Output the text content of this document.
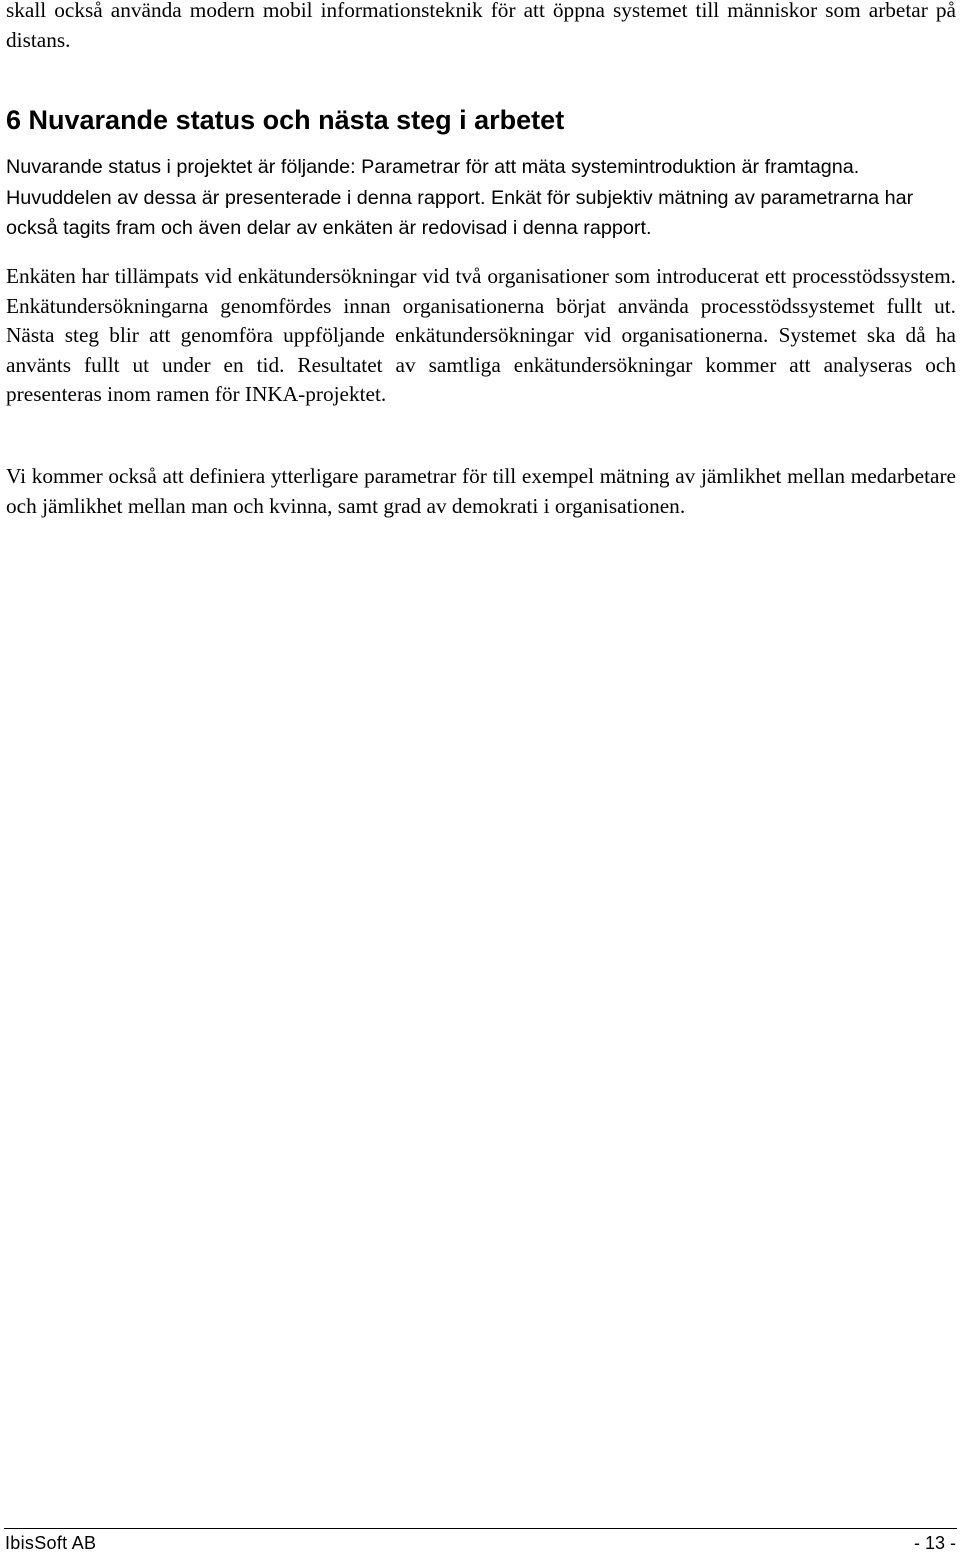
skall också använda modern mobil informationsteknik för att öppna systemet till människor som arbetar på distans.

6 Nuvarande status och nästa steg i arbetet

Nuvarande status i projektet är följande: Parametrar för att mäta systemintroduktion är framtagna. Huvuddelen av dessa är presenterade i denna rapport. Enkät för subjektiv mätning av parametrarna har också tagits fram och även delar av enkäten är redovisad i denna rapport.

Enkäten har tillämpats vid enkätundersökningar vid två organisationer som introducerat ett processtödssystem. Enkätundersökningarna genomfördes innan organisationerna börjat använda processtödssystemet fullt ut. Nästa steg blir att genomföra uppföljande enkätundersökningar vid organisationerna. Systemet ska då ha använts fullt ut under en tid. Resultatet av samtliga enkätundersökningar kommer att analyseras och presenteras inom ramen för INKA-projektet.

Vi kommer också att definiera ytterligare parametrar för till exempel mätning av jämlikhet mellan medarbetare och jämlikhet mellan man och kvinna, samt grad av demokrati i organisationen.

IbisSoft AB	- 13 -
